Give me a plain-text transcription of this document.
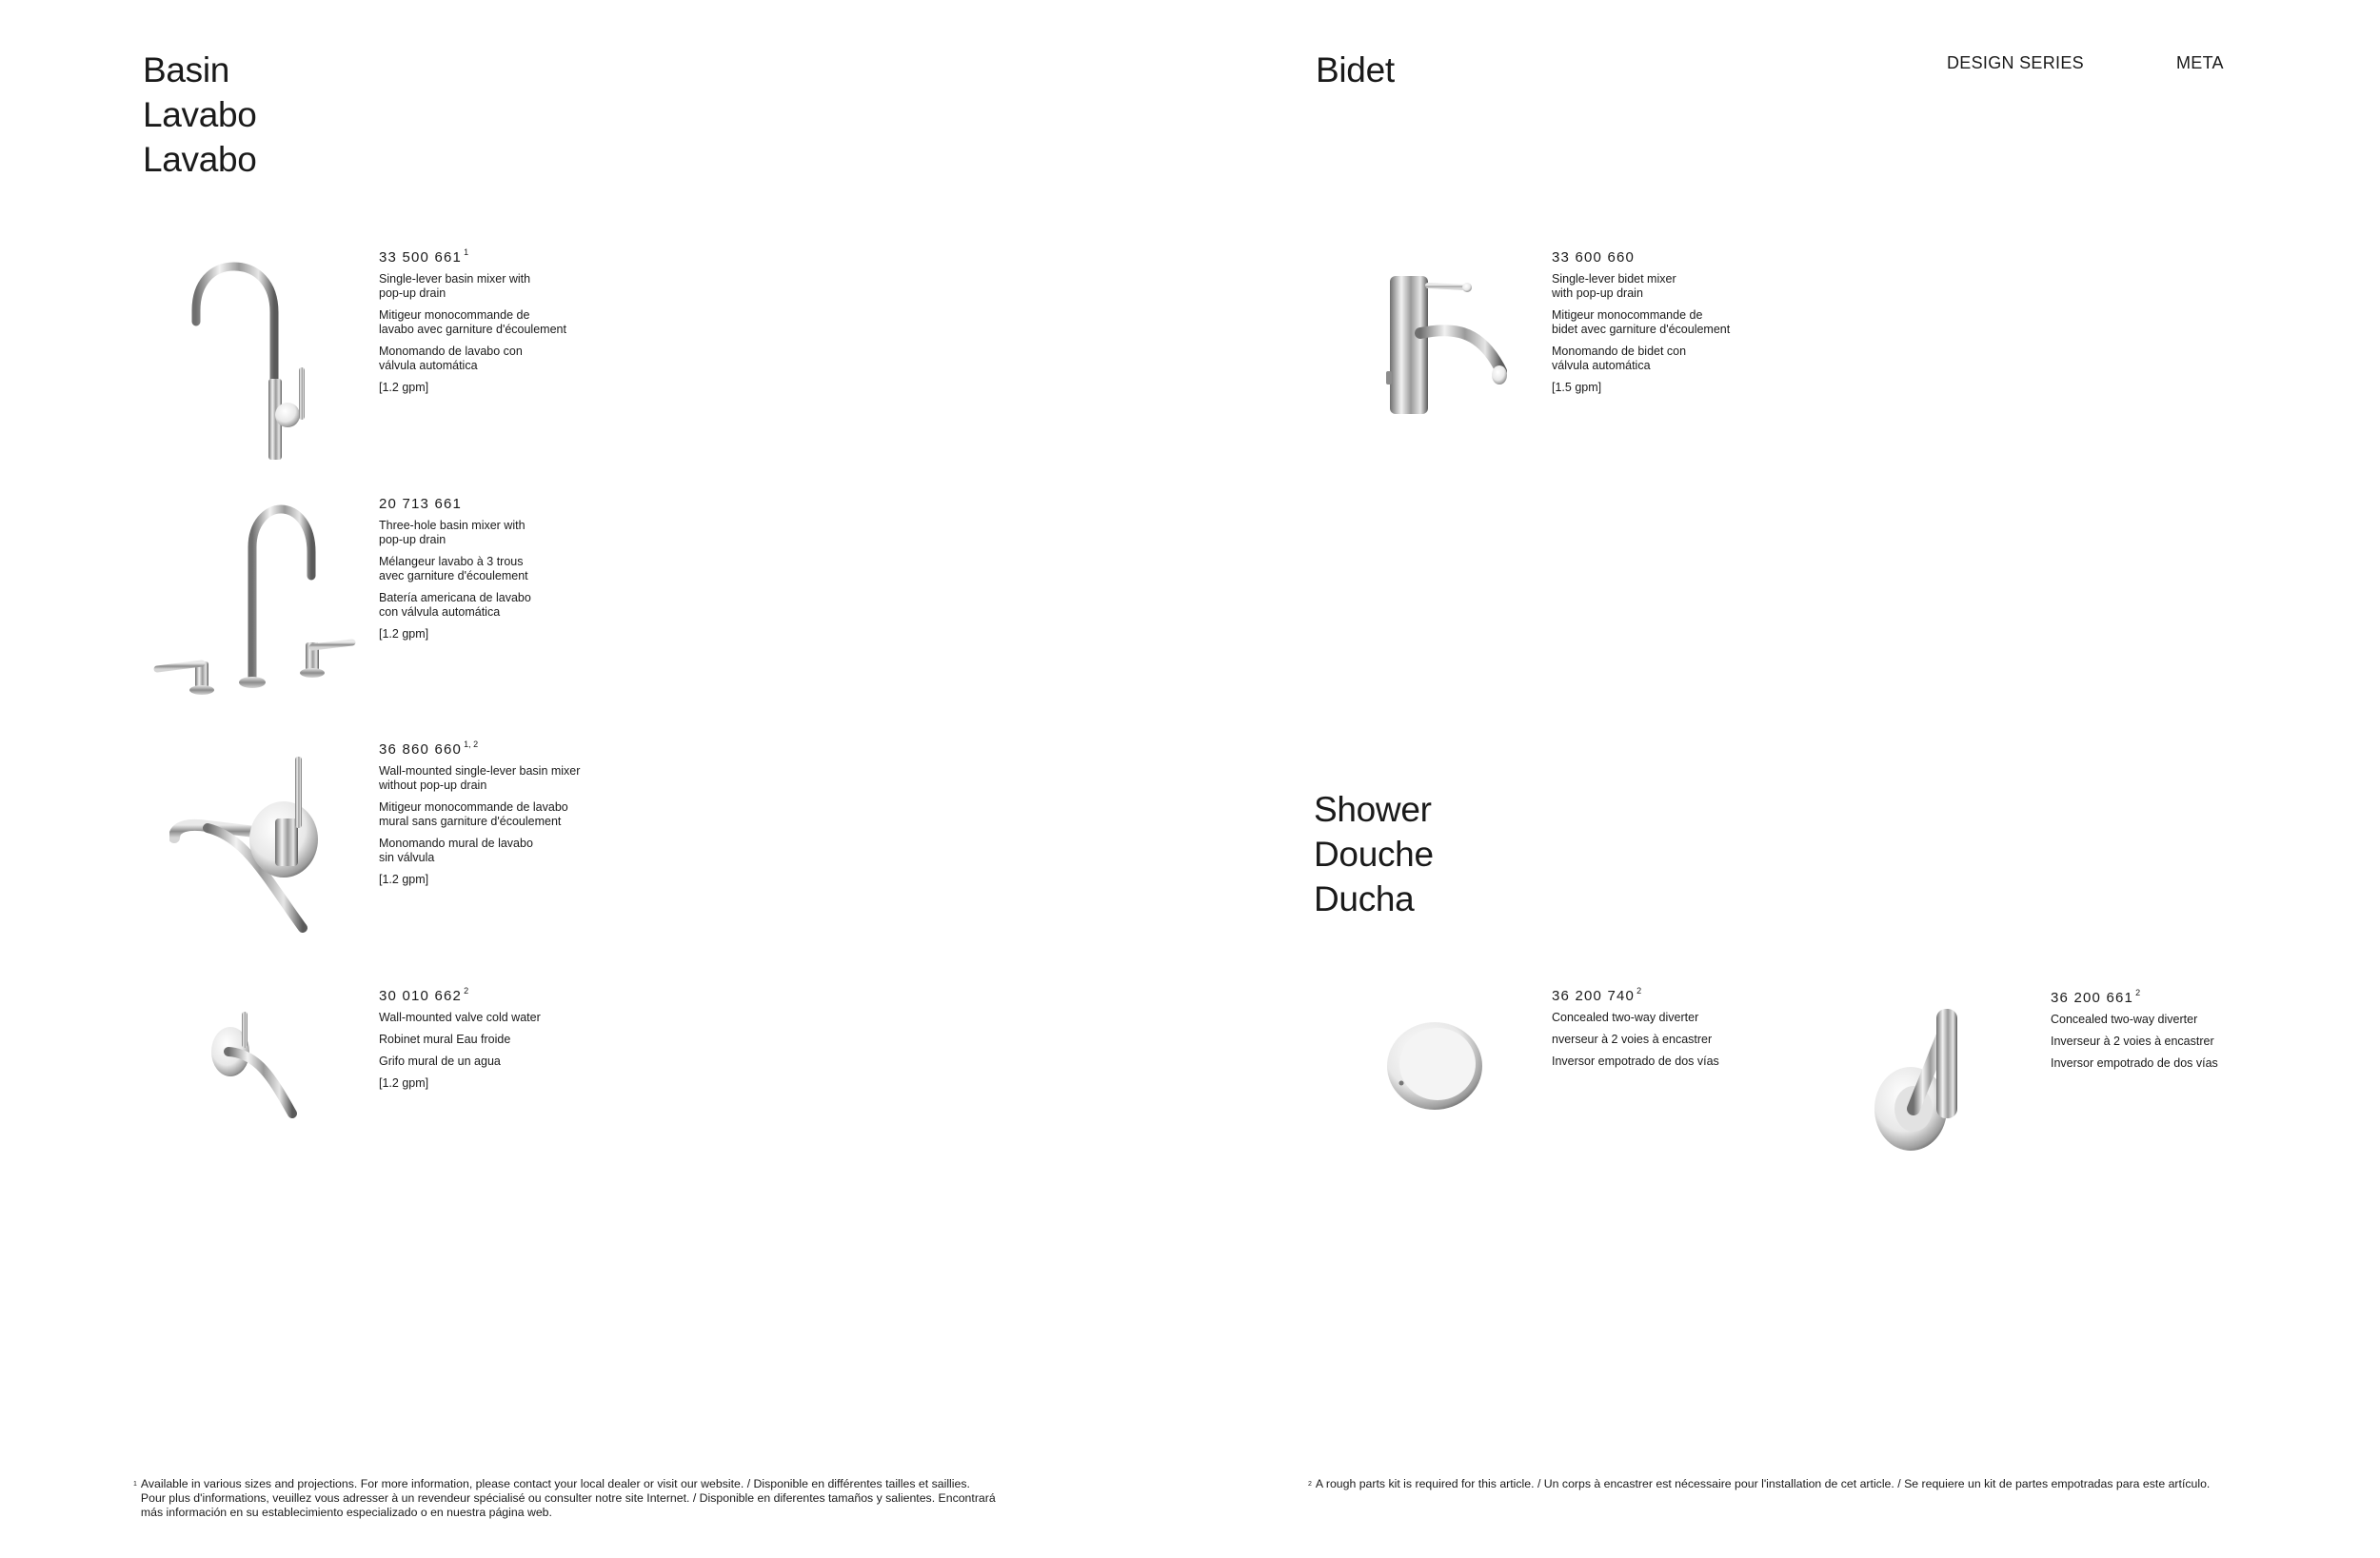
Basin
Lavabo
Lavabo
Bidet
Shower
Douche
Ducha
DESIGN SERIES	META
33 500 661 $^1$

Single-lever basin mixer with
pop-up drain

Mitigeur monocommande de
lavabo avec garniture d'écoulement

Monomando de lavabo con
válvula automática

[1.2 gpm]

20 713 661

Three-hole basin mixer with
pop-up drain

Mélangeur lavabo à 3 trous
avec garniture d'écoulement

Batería americana de lavabo
con válvula automática

[1.2 gpm]

36 860 660 $^{1, 2}$

Wall-mounted single-lever basin mixer
without pop-up drain

Mitigeur monocommande de lavabo
mural sans garniture d'écoulement

Monomando mural de lavabo
sin válvula

[1.2 gpm]

30 010 662 $^2$

Wall-mounted valve cold water

Robinet mural Eau froide

Grifo mural de un agua

[1.2 gpm]

33 600 660

Single-lever bidet mixer
with pop-up drain

Mitigeur monocommande de
bidet avec garniture d'écoulement

Monomando de bidet con
válvula automática

[1.5 gpm]

36 200 740 $^2$

Concealed two-way diverter

nverseur à 2 voies à encastrer

Inversor empotrado de dos vías

36 200 661 $^2$

Concealed two-way diverter

Inverseur à 2 voies à encastrer

Inversor empotrado de dos vías

1 Available in various sizes and projections. For more information, please contact your local dealer or visit our website. / Disponible en différentes tailles et saillies.
Pour plus d'informations, veuillez vous adresser à un revendeur spécialisé ou consulter notre site Internet. / Disponible en diferentes tamaños y salientes. Encontrará
más información en su establecimiento especializado o en nuestra página web.
2 A rough parts kit is required for this article. / Un corps à encastrer est nécessaire pour l'installation de cet article. / Se requiere un kit de partes empotradas para este artículo.
